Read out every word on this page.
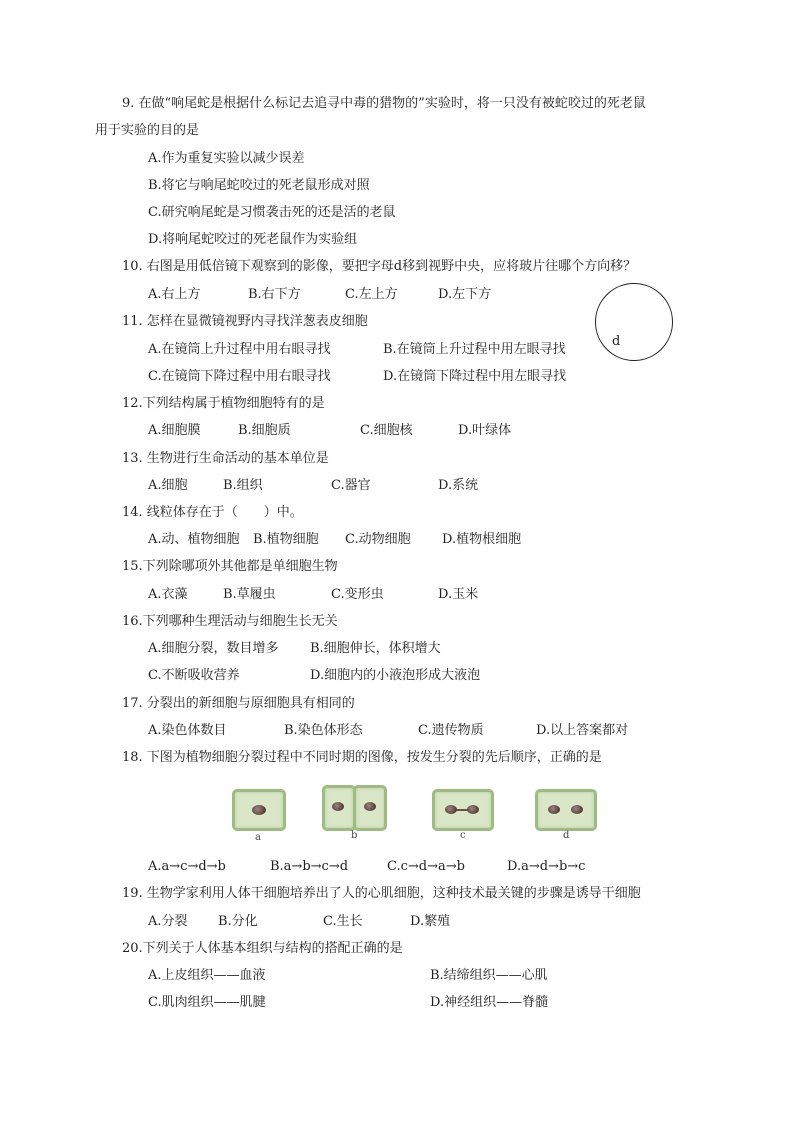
9. 在做“响尾蛇是根据什么标记去追寻中毒的猎物的”实验时，将一只没有被蛇咬过的死老鼠
用于实验的目的是
A.作为重复实验以减少误差
B.将它与响尾蛇咬过的死老鼠形成对照
C.研究响尾蛇是习惯袭击死的还是活的老鼠
D.将响尾蛇咬过的死老鼠作为实验组
10. 右图是用低倍镜下观察到的影像，要把字母d移到视野中央，应将玻片往哪个方向移？
A.右上方	B.右下方	C.左上方	D.左下方
d
11. 怎样在显微镜视野内寻找洋葱表皮细胞
A.在镜筒上升过程中用右眼寻找	B.在镜筒上升过程中用左眼寻找
C.在镜筒下降过程中用右眼寻找	D.在镜筒下降过程中用左眼寻找
12.下列结构属于植物细胞特有的是
A.细胞膜	B.细胞质	C.细胞核	D.叶绿体
13. 生物进行生命活动的基本单位是
A.细胞	B.组织	C.器官	D.系统
14. 线粒体存在于（　　）中。
A.动、植物细胞 B.植物细胞 C.动物细胞 D.植物根细胞
15.下列除哪项外其他都是单细胞生物
A.衣藻	B.草履虫	C.变形虫	D.玉米
16.下列哪种生理活动与细胞生长无关
A.细胞分裂，数目增多 B.细胞伸长，体积增大
C.不断吸收营养	D.细胞内的小液泡形成大液泡
17. 分裂出的新细胞与原细胞具有相同的
A.染色体数目	B.染色体形态	C.遗传物质	D.以上答案都对
18. 下图为植物细胞分裂过程中不同时期的图像，按发生分裂的先后顺序，正确的是
a	b	c	d
A.a→c→d→b	B.a→b→c→d	C.c→d→a→b	D.a→d→b→c
19. 生物学家利用人体干细胞培养出了人的心肌细胞，这种技术最关键的步骤是诱导干细胞
A.分裂 B.分化	C.生长	D.繁殖
20.下列关于人体基本组织与结构的搭配正确的是
A.上皮组织——血液	B.结缔组织——心肌
C.肌肉组织——肌腱	D.神经组织——脊髓
